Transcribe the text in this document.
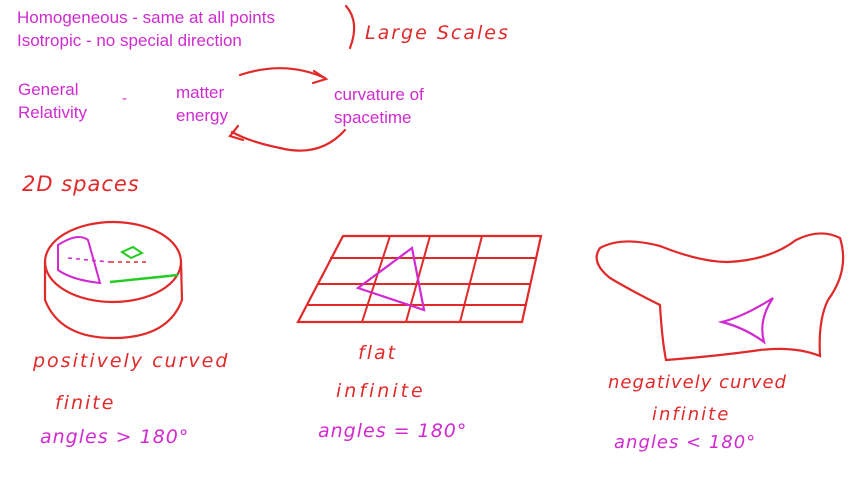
Homogeneous - same at all points
Isotropic - no special direction
General
Relativity
-	matter
energy
curvature of
spacetime
Large Scales
2D spaces
positively curved
finite
angles > 180°
flat
infinite
angles = 180°
negatively curved
infinite
angles < 180°
